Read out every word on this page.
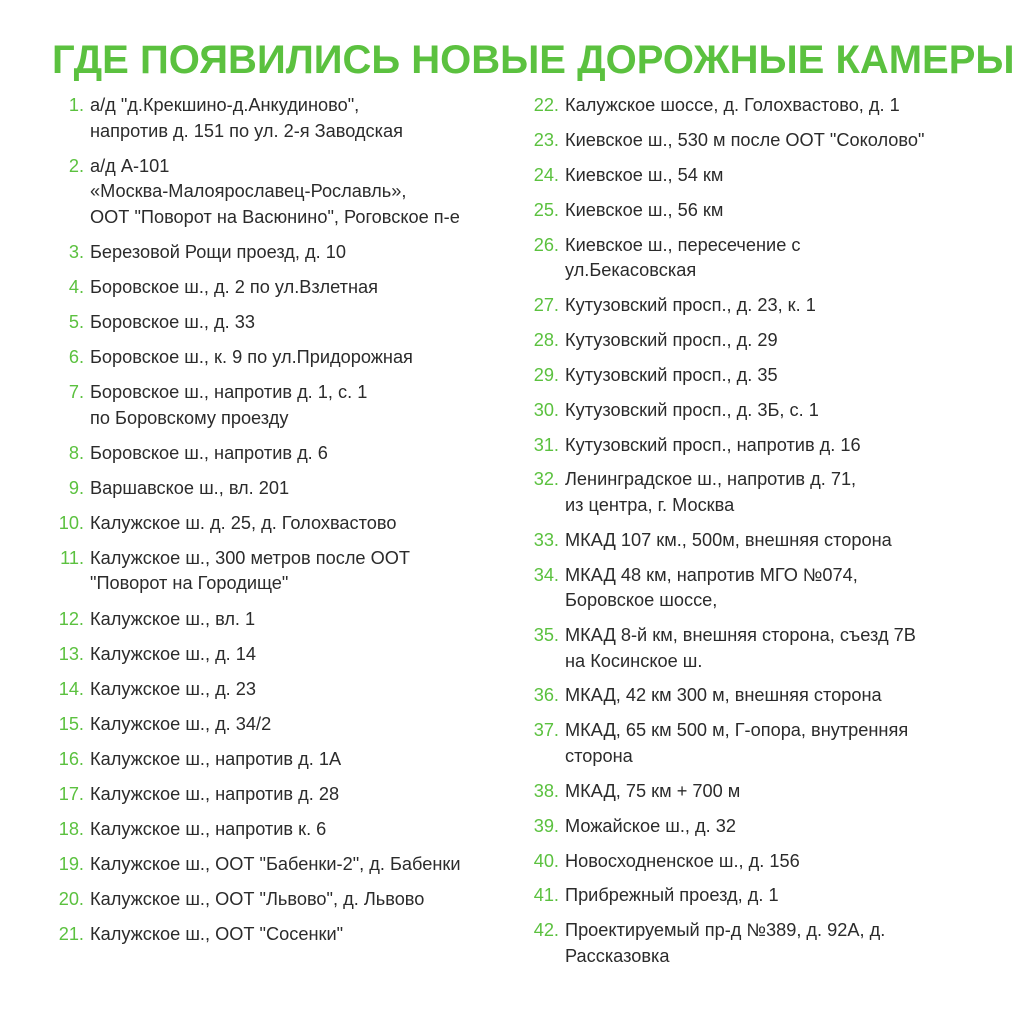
ГДЕ ПОЯВИЛИСЬ НОВЫЕ ДОРОЖНЫЕ КАМЕРЫ
1. а/д "д.Крекшино-д.Анкудиново",
напротив д. 151 по ул. 2-я Заводская
2. а/д А-101
«Москва-Малоярославец-Рославль»,
ООТ "Поворот на Васюнино", Роговское п-е
3. Березовой Рощи проезд, д. 10
4. Боровское ш., д. 2 по ул.Взлетная
5. Боровское ш., д. 33
6. Боровское ш., к. 9 по ул.Придорожная
7. Боровское ш., напротив д. 1, с. 1
по Боровскому проезду
8. Боровское ш., напротив д. 6
9. Варшавское ш., вл. 201
10. Калужское ш. д. 25, д. Голохвастово
11. Калужское ш., 300 метров после ООТ
"Поворот на Городище"
12. Калужское ш., вл. 1
13. Калужское ш., д. 14
14. Калужское ш., д. 23
15. Калужское ш., д. 34/2
16. Калужское ш., напротив д. 1А
17. Калужское ш., напротив д. 28
18. Калужское ш., напротив к. 6
19. Калужское ш., ООТ "Бабенки-2", д. Бабенки
20. Калужское ш., ООТ "Львово", д. Львово
21. Калужское ш., ООТ "Сосенки"
22. Калужское шоссе, д. Голохвастово, д. 1
23. Киевское ш., 530 м после ООТ "Соколово"
24. Киевское ш., 54 км
25. Киевское ш., 56 км
26. Киевское ш., пересечение с
ул.Бекасовская
27. Кутузовский просп., д. 23, к. 1
28. Кутузовский просп., д. 29
29. Кутузовский просп., д. 35
30. Кутузовский просп., д. 3Б, с. 1
31. Кутузовский просп., напротив д. 16
32. Ленинградское ш., напротив д. 71,
из центра, г. Москва
33. МКАД 107 км., 500м, внешняя сторона
34. МКАД 48 км, напротив МГО №074,
Боровское шоссе,
35. МКАД 8-й км, внешняя сторона, съезд 7В
на Косинское ш.
36. МКАД, 42 км 300 м, внешняя сторона
37. МКАД, 65 км 500 м, Г-опора, внутренняя
сторона
38. МКАД, 75 км + 700 м
39. Можайское ш., д. 32
40. Новосходненское ш., д. 156
41. Прибрежный проезд, д. 1
42. Проектируемый пр-д №389, д. 92А, д.
Рассказовка
